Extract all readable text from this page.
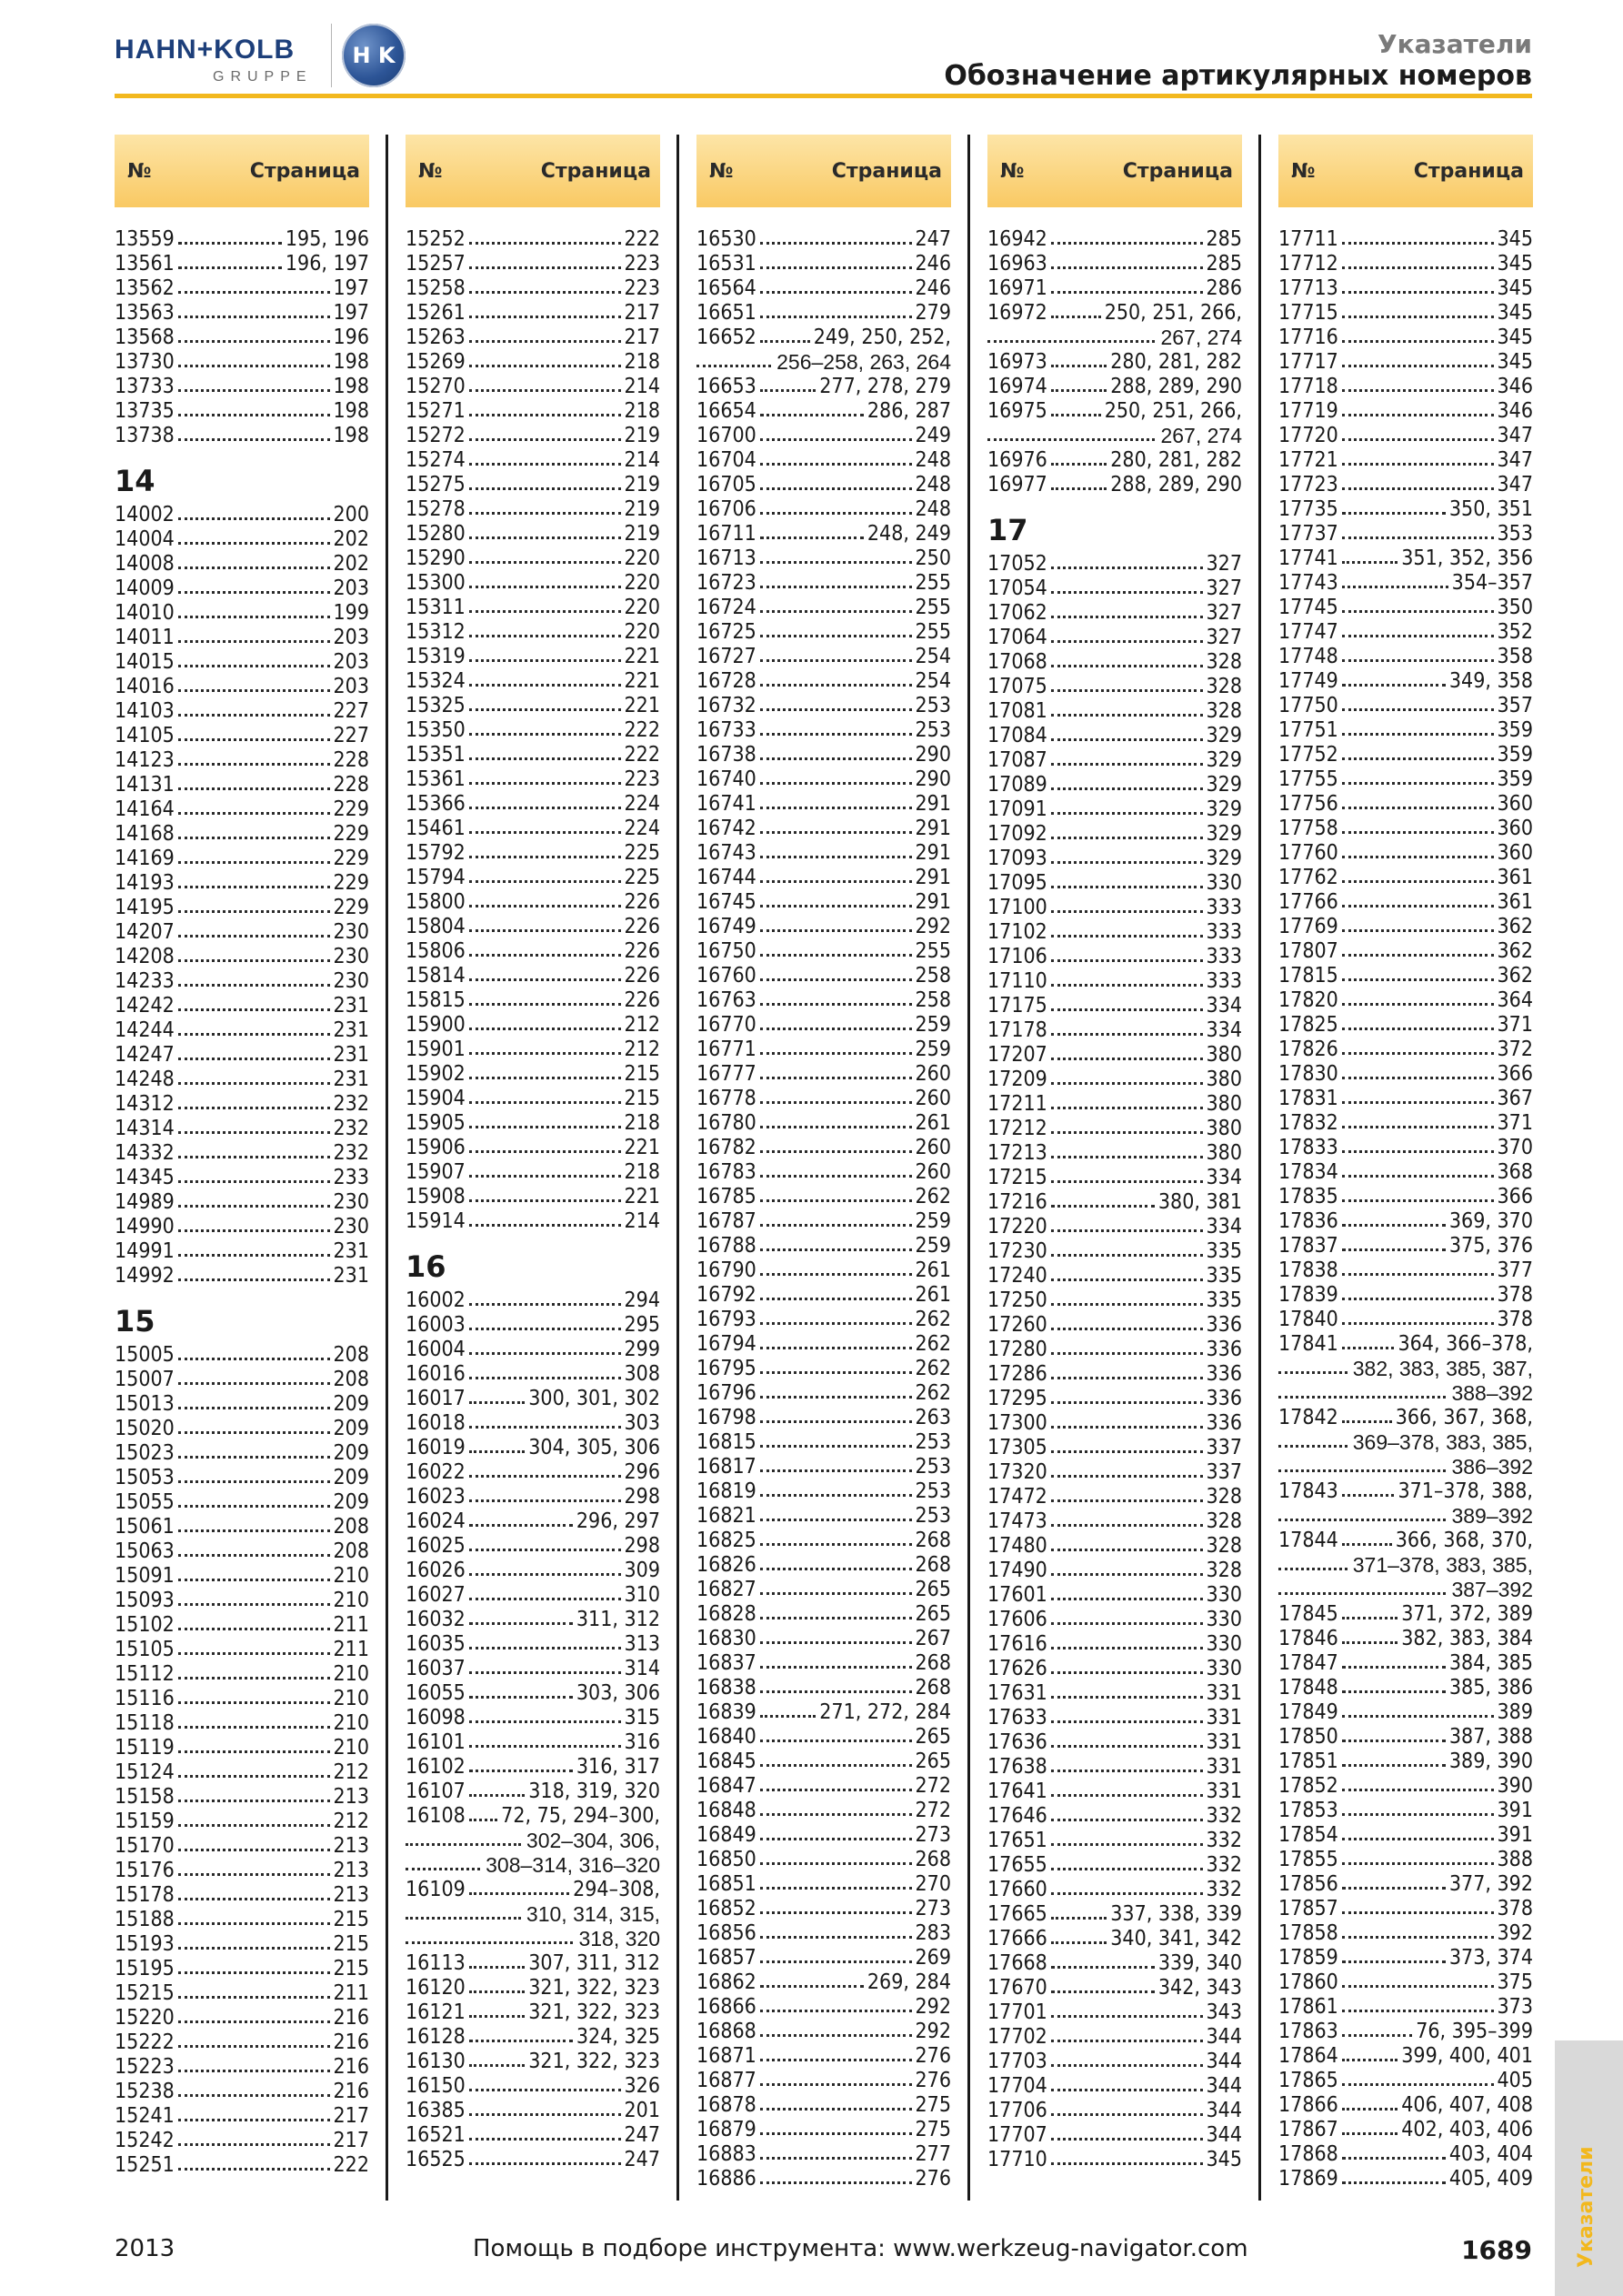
HAHN+KOLB
GRUPPE
H K	Указатели
Обозначение артикулярных номеров
№	Страница
13559	195, 196
13561	196, 197
13562	197
13563	197
13568	196
13730	198
13733	198
13735	198
13738	198
14
14002	200
14004	202
14008	202
14009	203
14010	199
14011	203
14015	203
14016	203
14103	227
14105	227
14123	228
14131	228
14164	229
14168	229
14169	229
14193	229
14195	229
14207	230
14208	230
14233	230
14242	231
14244	231
14247	231
14248	231
14312	232
14314	232
14332	232
14345	233
14989	230
14990	230
14991	231
14992	231
15
15005	208
15007	208
15013	209
15020	209
15023	209
15053	209
15055	209
15061	208
15063	208
15091	210
15093	210
15102	211
15105	211
15112	210
15116	210
15118	210
15119	210
15124	212
15158	213
15159	212
15170	213
15176	213
15178	213
15188	215
15193	215
15195	215
15215	211
15220	216
15222	216
15223	216
15238	216
15241	217
15242	217
15251	222
№	Страница
15252	222
15257	223
15258	223
15261	217
15263	217
15269	218
15270	214
15271	218
15272	219
15274	214
15275	219
15278	219
15280	219
15290	220
15300	220
15311	220
15312	220
15319	221
15324	221
15325	221
15350	222
15351	222
15361	223
15366	224
15461	224
15792	225
15794	225
15800	226
15804	226
15806	226
15814	226
15815	226
15900	212
15901	212
15902	215
15904	215
15905	218
15906	221
15907	218
15908	221
15914	214
16
16002	294
16003	295
16004	299
16016	308
16017	300, 301, 302
16018	303
16019	304, 305, 306
16022	296
16023	298
16024	296, 297
16025	298
16026	309
16027	310
16032	311, 312
16035	313
16037	314
16055	303, 306
16098	315
16101	316
16102	316, 317
16107	318, 319, 320
16108 72, 75, 294–300,
302–304, 306,
308–314, 316–320
16109	294–308,
310, 314, 315,
318, 320
16113	307, 311, 312
16120	321, 322, 323
16121	321, 322, 323
16128	324, 325
16130	321, 322, 323
16150	326
16385	201
16521	247
16525	247
№	Страница
16530	247
16531	246
16564	246
16651	279
16652	249, 250, 252,
256–258, 263, 264
16653	277, 278, 279
16654	286, 287
16700	249
16704	248
16705	248
16706	248
16711	248, 249
16713	250
16723	255
16724	255
16725	255
16727	254
16728	254
16732	253
16733	253
16738	290
16740	290
16741	291
16742	291
16743	291
16744	291
16745	291
16749	292
16750	255
16760	258
16763	258
16770	259
16771	259
16777	260
16778	260
16780	261
16782	260
16783	260
16785	262
16787	259
16788	259
16790	261
16792	261
16793	262
16794	262
16795	262
16796	262
16798	263
16815	253
16817	253
16819	253
16821	253
16825	268
16826	268
16827	265
16828	265
16830	267
16837	268
16838	268
16839	271, 272, 284
16840	265
16845	265
16847	272
16848	272
16849	273
16850	268
16851	270
16852	273
16856	283
16857	269
16862	269, 284
16866	292
16868	292
16871	276
16877	276
16878	275
16879	275
16883	277
16886	276
№	Страница
16942	285
16963	285
16971	286
16972	250, 251, 266,
267, 274
16973	280, 281, 282
16974	288, 289, 290
16975	250, 251, 266,
267, 274
16976	280, 281, 282
16977	288, 289, 290
17
17052	327
17054	327
17062	327
17064	327
17068	328
17075	328
17081	328
17084	329
17087	329
17089	329
17091	329
17092	329
17093	329
17095	330
17100	333
17102	333
17106	333
17110	333
17175	334
17178	334
17207	380
17209	380
17211	380
17212	380
17213	380
17215	334
17216	380, 381
17220	334
17230	335
17240	335
17250	335
17260	336
17280	336
17286	336
17295	336
17300	336
17305	337
17320	337
17472	328
17473	328
17480	328
17490	328
17601	330
17606	330
17616	330
17626	330
17631	331
17633	331
17636	331
17638	331
17641	331
17646	332
17651	332
17655	332
17660	332
17665	337, 338, 339
17666	340, 341, 342
17668	339, 340
17670	342, 343
17701	343
17702	344
17703	344
17704	344
17706	344
17707	344
17710	345
№	Страница
17711	345
17712	345
17713	345
17715	345
17716	345
17717	345
17718	346
17719	346
17720	347
17721	347
17723	347
17735	350, 351
17737	353
17741	351, 352, 356
17743	354–357
17745	350
17747	352
17748	358
17749	349, 358
17750	357
17751	359
17752	359
17755	359
17756	360
17758	360
17760	360
17762	361
17766	361
17769	362
17807	362
17815	362
17820	364
17825	371
17826	372
17830	366
17831	367
17832	371
17833	370
17834	368
17835	366
17836	369, 370
17837	375, 376
17838	377
17839	378
17840	378
17841	364, 366–378,
382, 383, 385, 387,
388–392
17842	366, 367, 368,
369–378, 383, 385,
386–392
17843	371–378, 388,
389–392
17844	366, 368, 370,
371–378, 383, 385,
387–392
17845	371, 372, 389
17846	382, 383, 384
17847	384, 385
17848	385, 386
17849	389
17850	387, 388
17851	389, 390
17852	390
17853	391
17854	391
17855	388
17856	377, 392
17857	378
17858	392
17859	373, 374
17860	375
17861	373
17863	76, 395–399
17864	399, 400, 401
17865	405
17866	406, 407, 408
17867	402, 403, 406
17868	403, 404
17869	405, 409 Указатели
2013	Помощь в подборе инструмента: www.werkzeug-navigator.com	1689
